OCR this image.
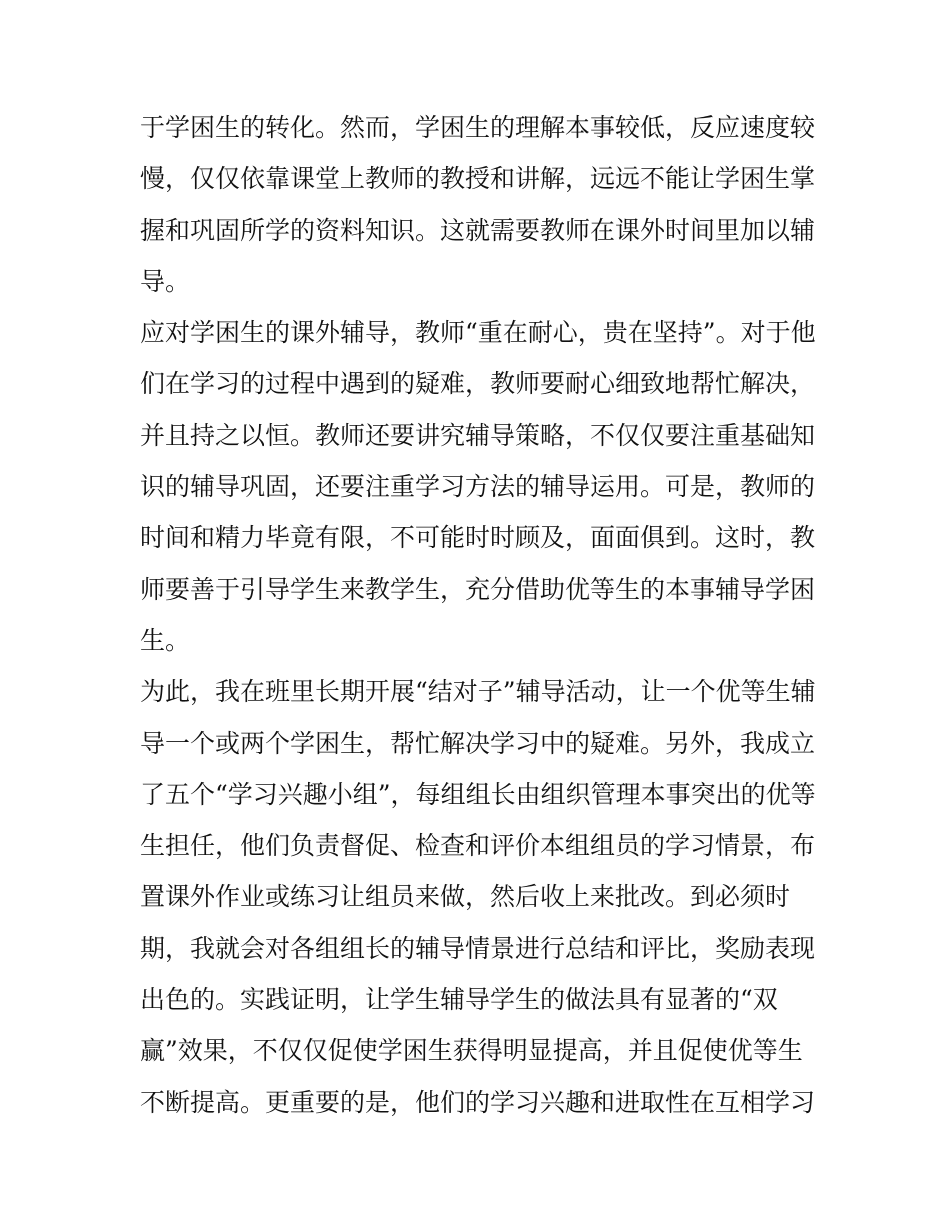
于学困生的转化。然而，学困生的理解本事较低，反应速度较
慢，仅仅依靠课堂上教师的教授和讲解，远远不能让学困生掌
握和巩固所学的资料知识。这就需要教师在课外时间里加以辅
导。
应对学困生的课外辅导，教师“重在耐心，贵在坚持”。对于他
们在学习的过程中遇到的疑难，教师要耐心细致地帮忙解决，
并且持之以恒。教师还要讲究辅导策略，不仅仅要注重基础知
识的辅导巩固，还要注重学习方法的辅导运用。可是，教师的
时间和精力毕竟有限，不可能时时顾及，面面俱到。这时，教
师要善于引导学生来教学生，充分借助优等生的本事辅导学困
生。
为此，我在班里长期开展“结对子”辅导活动，让一个优等生辅
导一个或两个学困生，帮忙解决学习中的疑难。另外，我成立
了五个“学习兴趣小组”，每组组长由组织管理本事突出的优等
生担任，他们负责督促、检查和评价本组组员的学习情景，布
置课外作业或练习让组员来做，然后收上来批改。到必须时
期，我就会对各组组长的辅导情景进行总结和评比，奖励表现
出色的。实践证明，让学生辅导学生的做法具有显著的“双
赢”效果，不仅仅促使学困生获得明显提高，并且促使优等生
不断提高。更重要的是，他们的学习兴趣和进取性在互相学习
